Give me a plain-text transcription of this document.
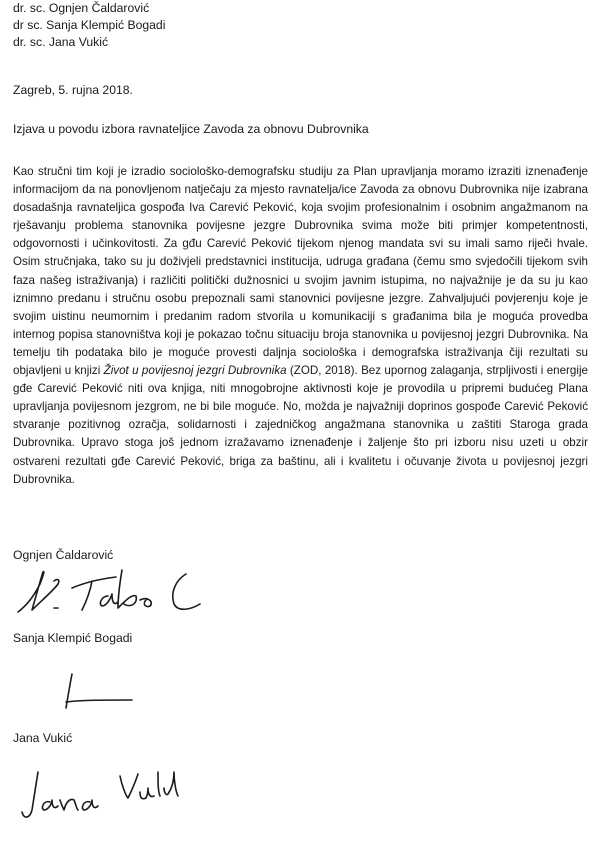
dr. sc. Ognjen Čaldarović
dr sc. Sanja Klempić Bogadi
dr. sc. Jana Vukić
Zagreb, 5. rujna 2018.
Izjava u povodu izbora ravnateljice Zavoda za obnovu Dubrovnika
Kao stručni tim koji je izradio sociološko-demografsku studiju za Plan upravljanja moramo izraziti iznenađenje informacijom da na ponovljenom natječaju za mjesto ravnatelja/ice Zavoda za obnovu Dubrovnika nije izabrana dosadašnja ravnateljica gospođa Iva Carević Peković, koja svojim profesionalnim i osobnim angažmanom na rješavanju problema stanovnika povijesne jezgre Dubrovnika svima može biti primjer kompetentnosti, odgovornosti i učinkovitosti. Za gđu Carević Peković tijekom njenog mandata svi su imali samo riječi hvale. Osim stručnjaka, tako su ju doživjeli predstavnici institucija, udruga građana (čemu smo svjedočili tijekom svih faza našeg istraživanja) i različiti politički dužnosnici u svojim javnim istupima, no najvažnije je da su ju kao iznimno predanu i stručnu osobu prepoznali sami stanovnici povijesne jezgre. Zahvaljujući povjerenju koje je svojim uistinu neumornim i predanim radom stvorila u komunikaciji s građanima bila je moguća provedba internog popisa stanovništva koji je pokazao točnu situaciju broja stanovnika u povijesnoj jezgri Dubrovnika. Na temelju tih podataka bilo je moguće provesti daljnja sociološka i demografska istraživanja čiji rezultati su objavljeni u knjizi Život u povijesnoj jezgri Dubrovnika (ZOD, 2018). Bez upornog zalaganja, strpljivosti i energije gđe Carević Peković niti ova knjiga, niti mnogobrojne aktivnosti koje je provodila u pripremi budućeg Plana upravljanja povijesnom jezgrom, ne bi bile moguće. No, možda je najvažniji doprinos gospođe Carević Peković stvaranje pozitivnog ozračja, solidarnosti i zajedničkog angažmana stanovnika u zaštiti Staroga grada Dubrovnika. Upravo stoga još jednom izražavamo iznenađenje i žaljenje što pri izboru nisu uzeti u obzir ostvareni rezultati gđe Carević Peković, briga za baštinu, ali i kvalitetu i očuvanje života u povijesnoj jezgri Dubrovnika.
Ognjen Čaldarović
Sanja Klempić Bogadi
Jana Vukić
